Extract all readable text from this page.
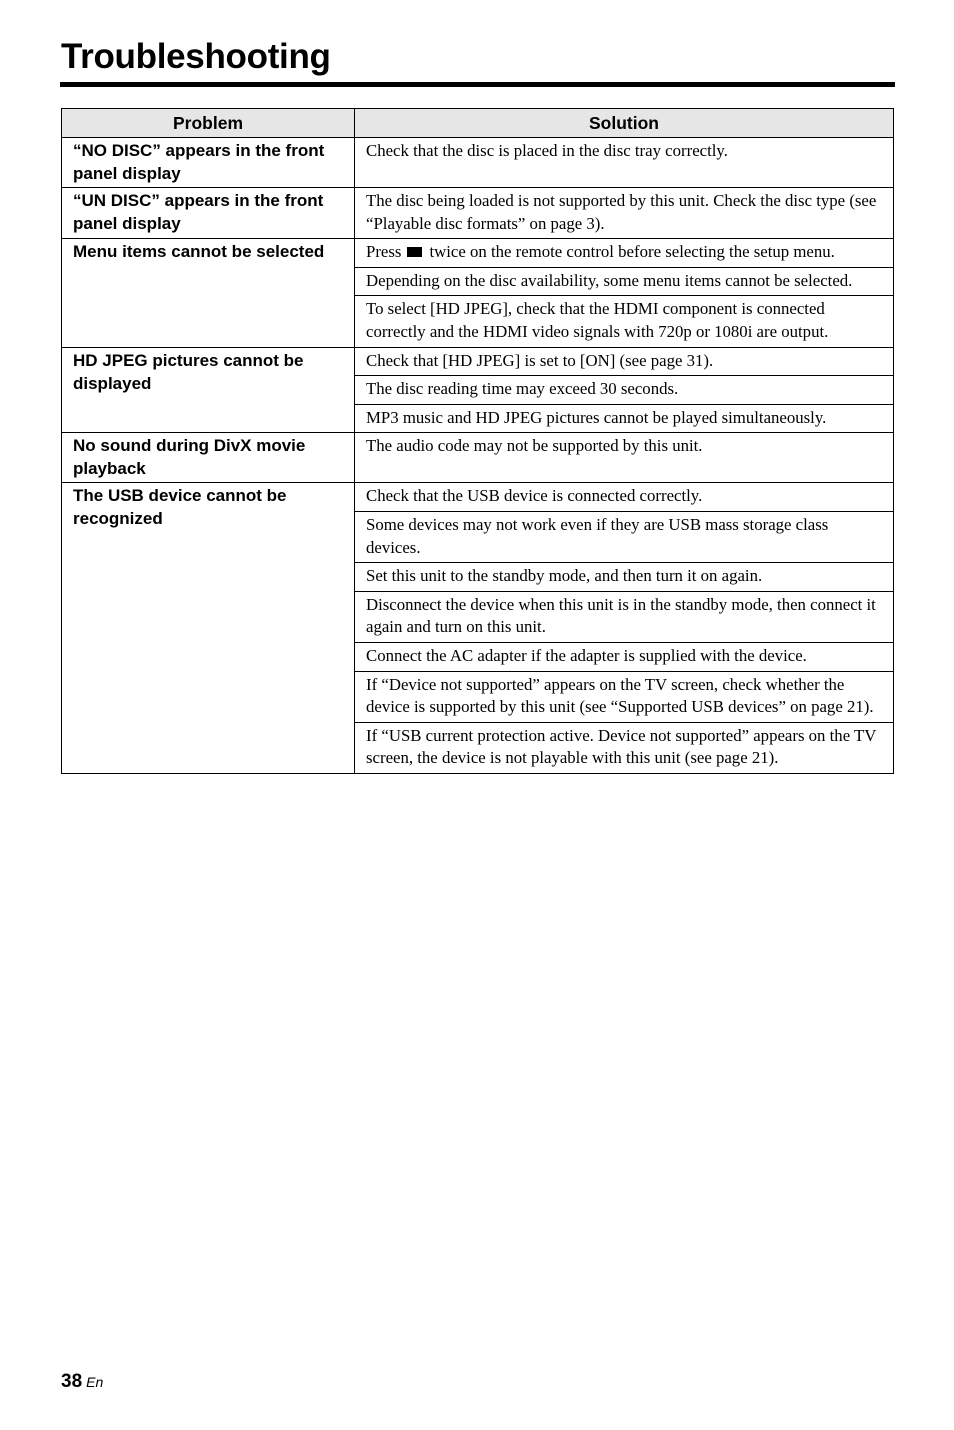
Troubleshooting
Problem	Solution
“NO DISC” appears in the front panel display	Check that the disc is placed in the disc tray correctly.
“UN DISC” appears in the front panel display	The disc being loaded is not supported by this unit. Check the disc type (see “Playable disc formats” on page 3).
Menu items cannot be selected	Press twice on the remote control before selecting the setup menu.
	Depending on the disc availability, some menu items cannot be selected.
	To select [HD JPEG], check that the HDMI component is connected correctly and the HDMI video signals with 720p or 1080i are output.
HD JPEG pictures cannot be displayed	Check that [HD JPEG] is set to [ON] (see page 31).
	The disc reading time may exceed 30 seconds.
	MP3 music and HD JPEG pictures cannot be played simultaneously.
No sound during DivX movie playback	The audio code may not be supported by this unit.
The USB device cannot be recognized	Check that the USB device is connected correctly.
	Some devices may not work even if they are USB mass storage class devices.
	Set this unit to the standby mode, and then turn it on again.
	Disconnect the device when this unit is in the standby mode, then connect it again and turn on this unit.
	Connect the AC adapter if the adapter is supplied with the device.
	If “Device not supported” appears on the TV screen, check whether the device is supported by this unit (see “Supported USB devices” on page 21).
	If “USB current protection active. Device not supported” appears on the TV screen, the device is not playable with this unit (see page 21).
38 En
